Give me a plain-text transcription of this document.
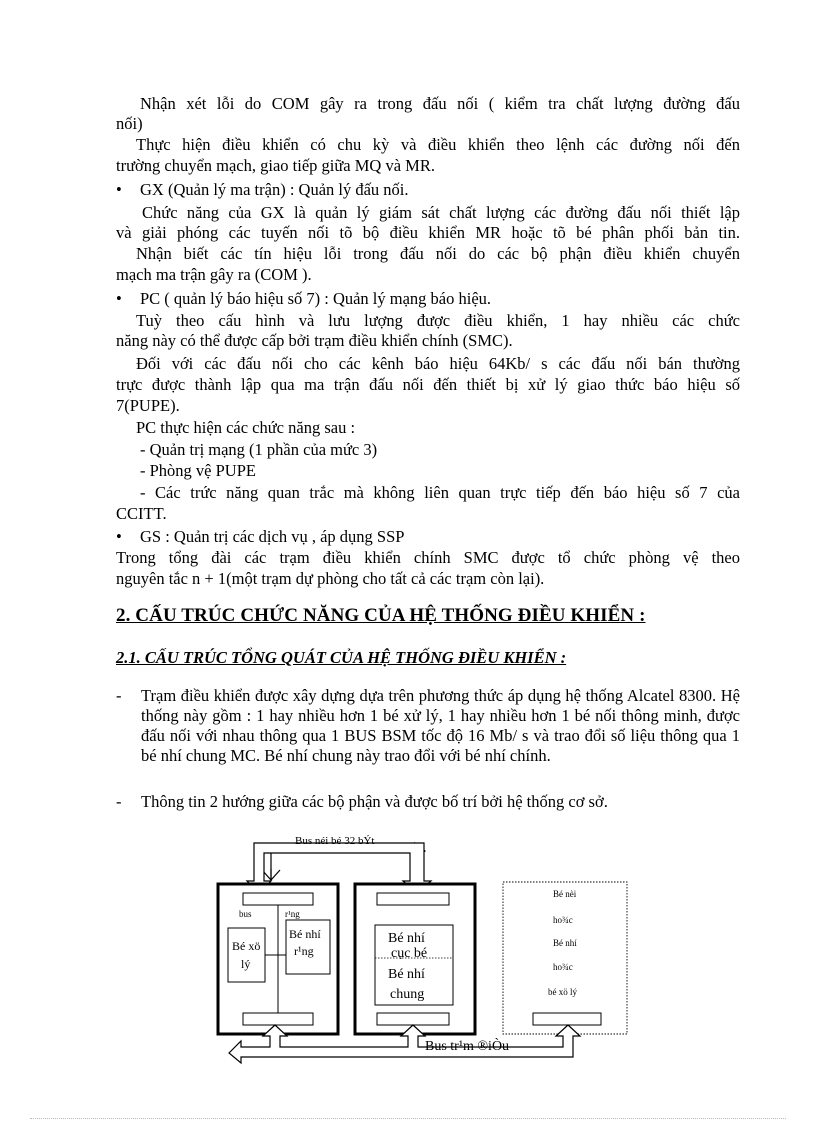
Nhận xét lỗi do COM gây ra trong đấu nối ( kiểm tra chất lượng đường đấu
nối)
Thực hiện điều khiển có chu kỳ và điều khiển theo lệnh các đường nối đến
trường chuyển mạch, giao tiếp giữa MQ và MR.
• GX (Quản lý ma trận) : Quản lý đấu nối.
Chức năng của GX là quản lý giám sát chất lượng các đường đấu nối thiết lập
và giải phóng các tuyến nối tõ bộ điều khiển MR hoặc tõ bé phân phối bản tin.
Nhận biết các tín hiệu lỗi trong đấu nối do các bộ phận điều khiển chuyển
mạch ma trận gây ra (COM ).
• PC ( quản lý báo hiệu số 7) : Quản lý mạng báo hiệu.
Tuỳ theo cấu hình và lưu lượng được điều khiển, 1 hay nhiều các chức
năng này có thể được cấp bởi trạm điều khiển chính (SMC).
Đối với các đấu nối cho các kênh báo hiệu 64Kb/ s các đấu nối bán thường
trực được thành lập qua ma trận đấu nối đến thiết bị xử lý giao thức báo hiệu số
7(PUPE).
PC thực hiện các chức năng sau :
- Quản trị mạng (1 phần của mức 3)
- Phòng vệ PUPE
- Các trức năng quan trắc mà không liên quan trực tiếp đến báo hiệu số 7 của
CCITT.
• GS : Quản trị các dịch vụ , áp dụng SSP
Trong tổng đài các trạm điều khiển chính SMC được tổ chức phòng vệ theo
nguyên tắc n + 1(một trạm dự phòng cho tất cả các trạm còn lại).
2. CẤU TRÚC CHỨC NĂNG CỦA HỆ THỐNG ĐIỀU KHIỂN :
2.1. CẤU TRÚC TỔNG QUÁT CỦA HỆ THỐNG ĐIỀU KHIỂN :
- Trạm điều khiển được xây dựng dựa trên phương thức áp dụng hệ thống Alcatel 8300. Hệ thống này gồm : 1 hay nhiều hơn 1 bé xử lý, 1 hay nhiều hơn 1 bé nối thông minh, được đấu nối với nhau thông qua 1 BUS BSM tốc độ 16 Mb/ s và trao đổi số liệu thông qua 1 bé nhí chung MC. Bé nhí chung này trao đổi với bé nhí chính.
- Thông tin 2 hướng giữa các bộ phận và được bố trí bởi hệ thống cơ sở.
Bus néi bé 32 bÝt
bus	r¹ng
Bé xö
lý
Bé nhí
r¹ng
Bé nhí
cục bé
Bé nhí
chung
Bé nèi
ho¾c
Bé nhí
ho¾c
bé xö lý
Bus tr¹m ®iÒu
